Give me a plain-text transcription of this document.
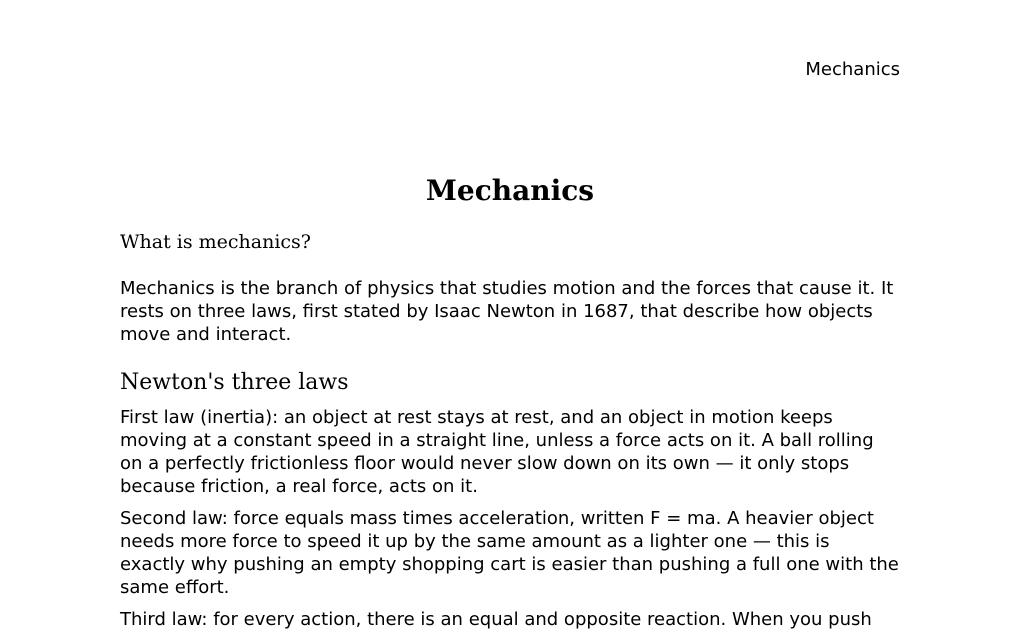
Mechanics
Mechanics

What is mechanics?

Mechanics is the branch of physics that studies motion and the forces that cause it. It rests on three laws, first stated by Isaac Newton in 1687, that describe how objects move and interact.

Newton's three laws

First law (inertia): an object at rest stays at rest, and an object in motion keeps moving at a constant speed in a straight line, unless a force acts on it. A ball rolling on a perfectly frictionless floor would never slow down on its own — it only stops because friction, a real force, acts on it.

Second law: force equals mass times acceleration, written F = ma. A heavier object needs more force to speed it up by the same amount as a lighter one — this is exactly why pushing an empty shopping cart is easier than pushing a full one with the same effort.

Third law: for every action, there is an equal and opposite reaction. When you push
